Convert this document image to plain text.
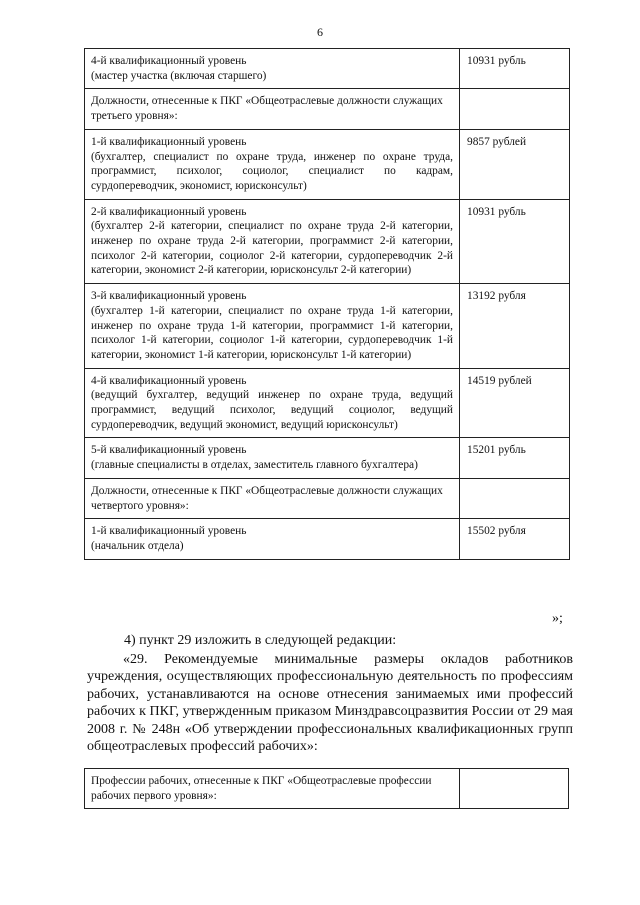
6
4-й квалификационный уровень
(мастер участка (включая старшего)	10931 рубль

Должности, отнесенные к ПКГ «Общеотраслевые должности служащих третьего уровня»:	

1-й квалификационный уровень
(бухгалтер, специалист по охране труда, инженер по охране труда, программист, психолог, социолог, специалист по кадрам, сурдопереводчик, экономист, юрисконсульт)	9857 рублей

2-й квалификационный уровень
(бухгалтер 2-й категории, специалист по охране труда 2-й категории, инженер по охране труда 2-й категории, программист 2-й категории, психолог 2-й категории, социолог 2-й категории, сурдопереводчик 2-й категории, экономист 2-й категории, юрисконсульт 2-й категории)	10931 рубль

3-й квалификационный уровень
(бухгалтер 1-й категории, специалист по охране труда 1-й категории, инженер по охране труда 1-й категории, программист 1-й категории, психолог 1-й категории, социолог 1-й категории, сурдопереводчик 1-й категории, экономист 1-й категории, юрисконсульт 1-й категории)	13192 рубля

4-й квалификационный уровень
(ведущий бухгалтер, ведущий инженер по охране труда, ведущий программист, ведущий психолог, ведущий социолог, ведущий сурдопереводчик, ведущий экономист, ведущий юрисконсульт)	14519 рублей

5-й квалификационный уровень
(главные специалисты в отделах, заместитель главного бухгалтера)	15201 рубль

Должности, отнесенные к ПКГ «Общеотраслевые должности служащих четвертого уровня»:	

1-й квалификационный уровень
(начальник отдела)	15502 рубля
»;
4) пункт 29 изложить в следующей редакции:
«29. Рекомендуемые минимальные размеры окладов работников учреждения, осуществляющих профессиональную деятельность по профессиям рабочих, устанавливаются на основе отнесения занимаемых ими профессий рабочих к ПКГ, утвержденным приказом Минздравсоцразвития России от 29 мая 2008 г. № 248н «Об утверждении профессиональных квалификационных групп общеотраслевых профессий рабочих»:
Профессии рабочих, отнесенные к ПКГ «Общеотраслевые профессии рабочих первого уровня»:	
